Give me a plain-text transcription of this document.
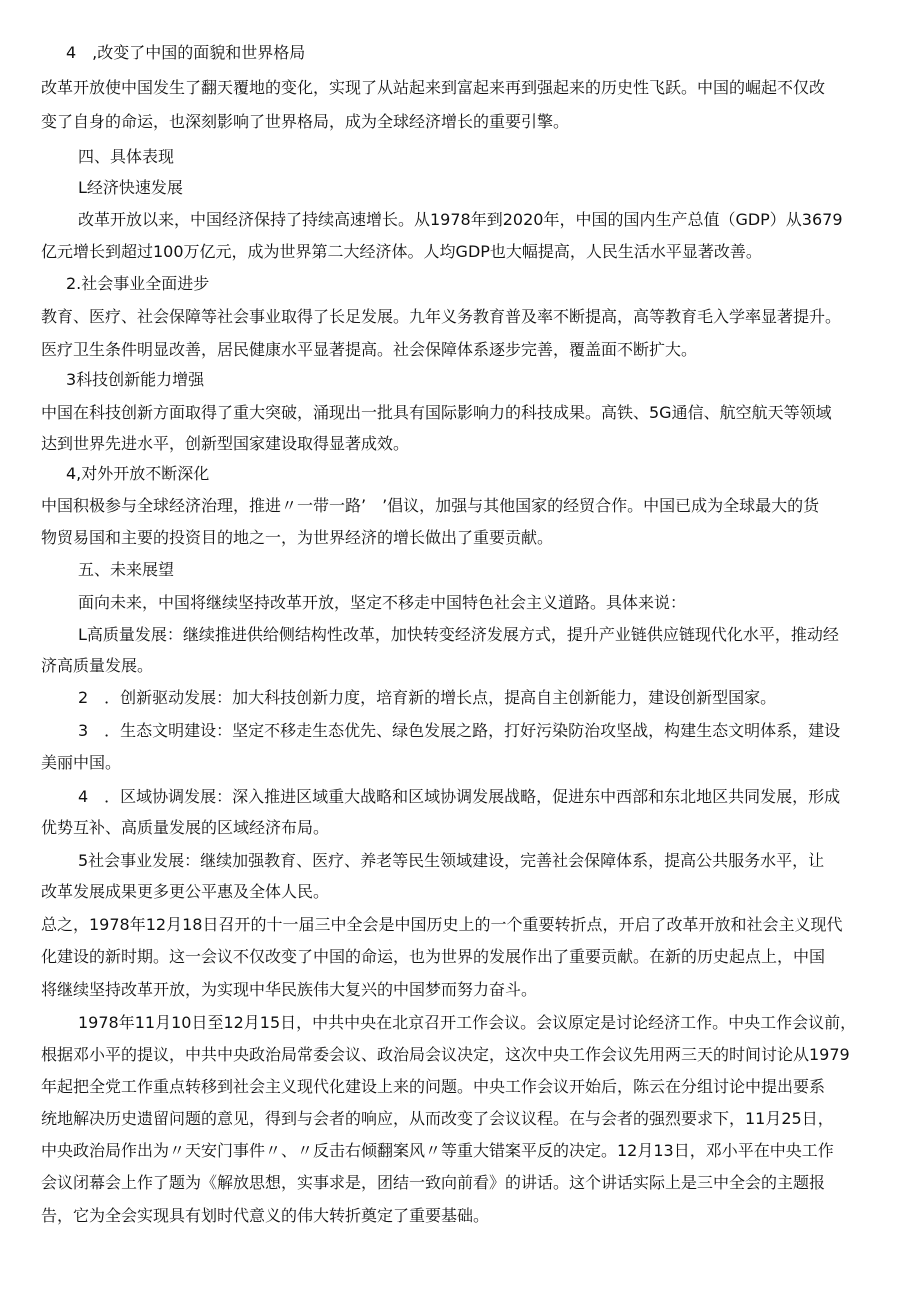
4　,改变了中国的面貌和世界格局
改革开放使中国发生了翻天覆地的变化，实现了从站起来到富起来再到强起来的历史性飞跃。中国的崛起不仅改
变了自身的命运，也深刻影响了世界格局，成为全球经济增长的重要引擎。
四、具体表现
L经济快速发展
改革开放以来，中国经济保持了持续高速增长。从1978年到2020年，中国的国内生产总值（GDP）从3679
亿元增长到超过100万亿元，成为世界第二大经济体。人均GDP也大幅提高，人民生活水平显著改善。
2.社会事业全面进步
教育、医疗、社会保障等社会事业取得了长足发展。九年义务教育普及率不断提高，高等教育毛入学率显著提升。
医疗卫生条件明显改善，居民健康水平显著提高。社会保障体系逐步完善，覆盖面不断扩大。
3科技创新能力增强
中国在科技创新方面取得了重大突破，涌现出一批具有国际影响力的科技成果。高铁、5G通信、航空航天等领域
达到世界先进水平，创新型国家建设取得显著成效。
4,对外开放不断深化
中国积极参与全球经济治理，推进〃一带一路’　’倡议，加强与其他国家的经贸合作。中国已成为全球最大的货
物贸易国和主要的投资目的地之一，为世界经济的增长做出了重要贡献。
五、未来展望
面向未来，中国将继续坚持改革开放，坚定不移走中国特色社会主义道路。具体来说：
L高质量发展：继续推进供给侧结构性改革，加快转变经济发展方式，提升产业链供应链现代化水平，推动经
济高质量发展。
2　．创新驱动发展：加大科技创新力度，培育新的增长点，提高自主创新能力，建设创新型国家。
3　．生态文明建设：坚定不移走生态优先、绿色发展之路，打好污染防治攻坚战，构建生态文明体系，建设
美丽中国。
4　．区域协调发展：深入推进区域重大战略和区域协调发展战略，促进东中西部和东北地区共同发展，形成
优势互补、高质量发展的区域经济布局。
5社会事业发展：继续加强教育、医疗、养老等民生领域建设，完善社会保障体系，提高公共服务水平，让
改革发展成果更多更公平惠及全体人民。
总之，1978年12月18日召开的十一届三中全会是中国历史上的一个重要转折点，开启了改革开放和社会主义现代
化建设的新时期。这一会议不仅改变了中国的命运，也为世界的发展作出了重要贡献。在新的历史起点上，中国
将继续坚持改革开放，为实现中华民族伟大复兴的中国梦而努力奋斗。
1978年11月10日至12月15日，中共中央在北京召开工作会议。会议原定是讨论经济工作。中央工作会议前，
根据邓小平的提议，中共中央政治局常委会议、政治局会议决定，这次中央工作会议先用两三天的时间讨论从1979
年起把全党工作重点转移到社会主义现代化建设上来的问题。中央工作会议开始后，陈云在分组讨论中提出要系
统地解决历史遗留问题的意见，得到与会者的响应，从而改变了会议议程。在与会者的强烈要求下，11月25日，
中央政治局作出为〃天安门事件〃、〃反击右倾翻案风〃等重大错案平反的决定。12月13日，邓小平在中央工作
会议闭幕会上作了题为《解放思想，实事求是，团结一致向前看》的讲话。这个讲话实际上是三中全会的主题报
告，它为全会实现具有划时代意义的伟大转折奠定了重要基础。
